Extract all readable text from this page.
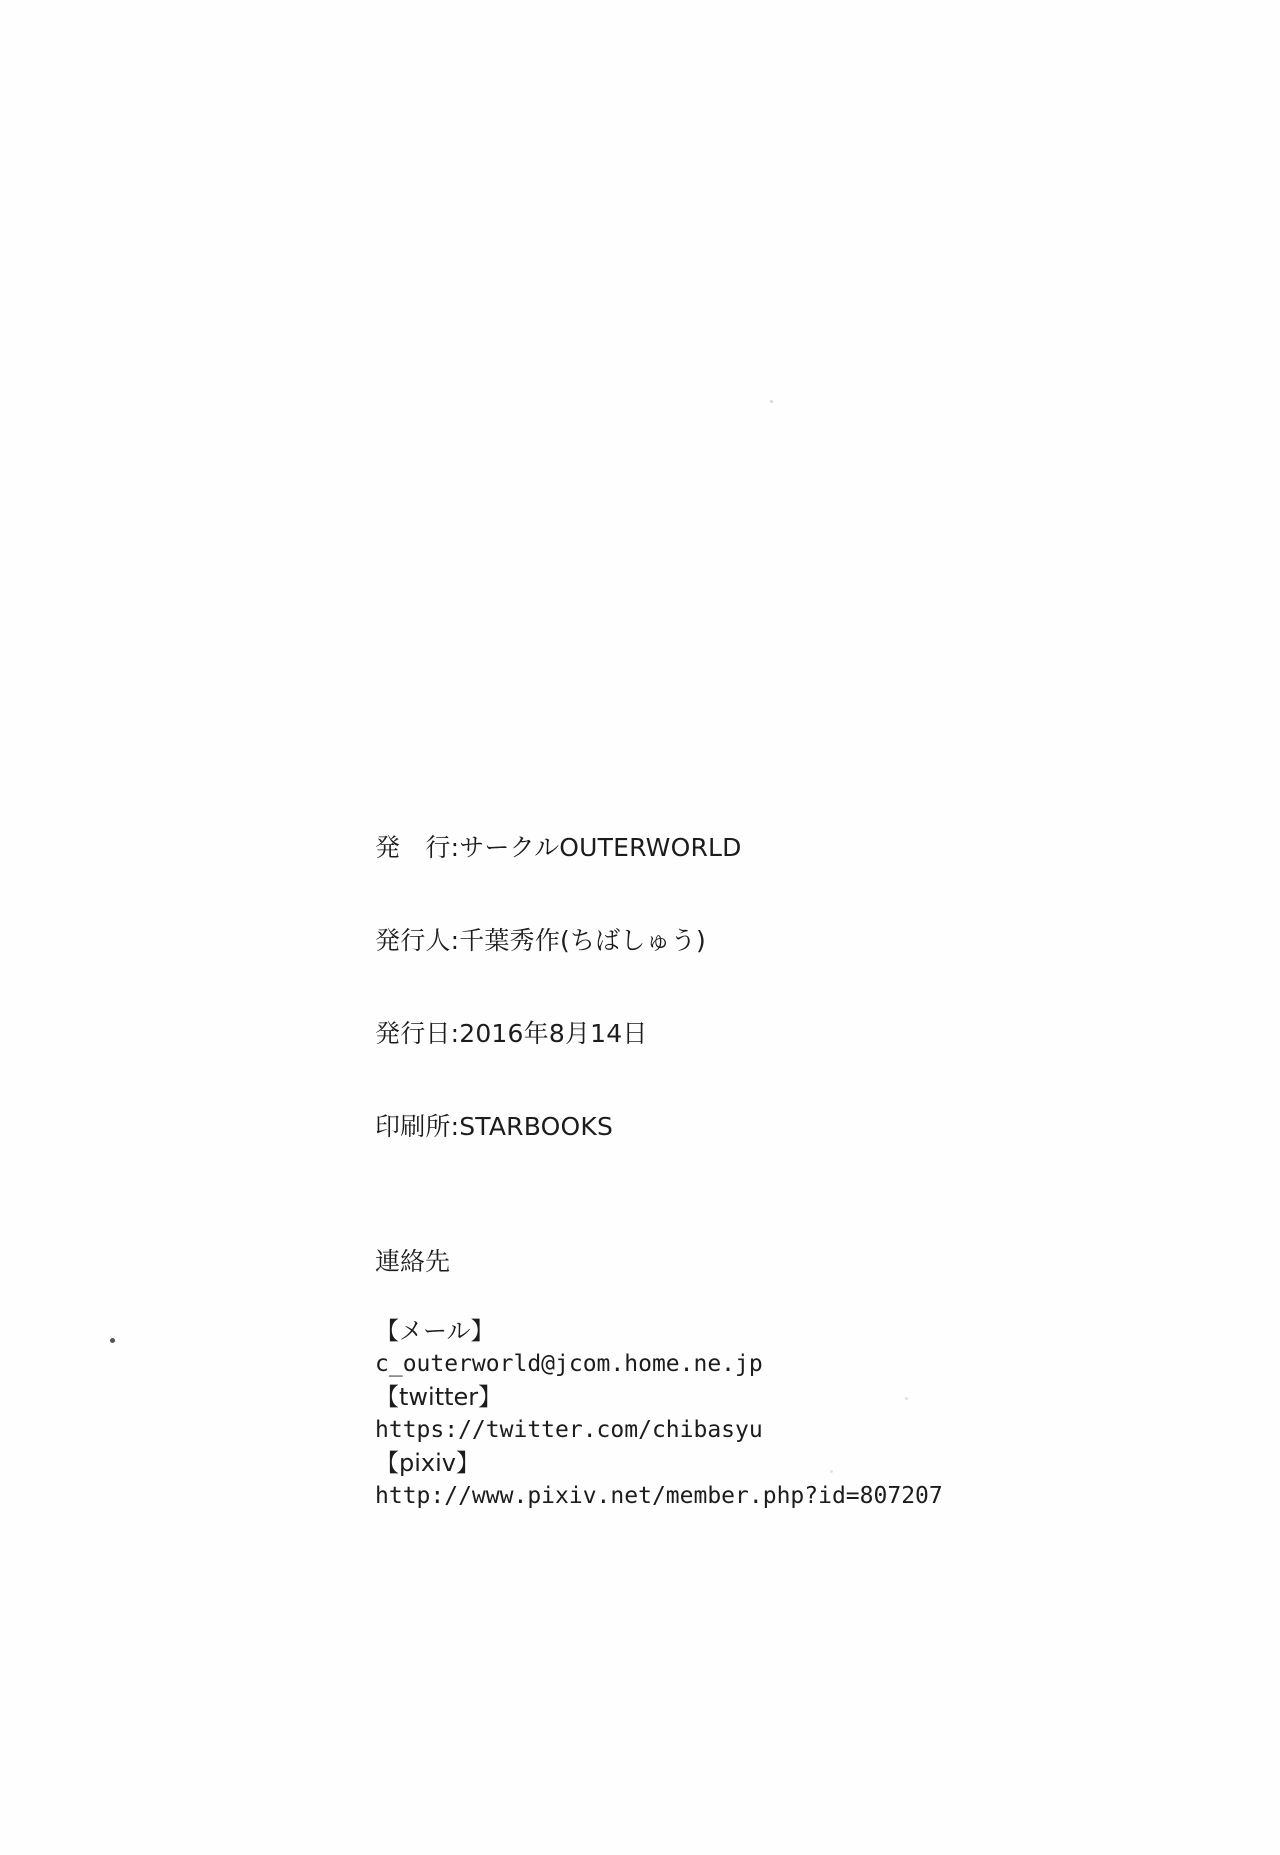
発　行:サークルOUTERWORLD

発行人:千葉秀作(ちばしゅう)

発行日:2016年8月14日

印刷所:STARBOOKS

連絡先
【メール】
c_outerworld@jcom.home.ne.jp
【twitter】
https://twitter.com/chibasyu
【pixiv】
http://www.pixiv.net/member.php?id=807207
